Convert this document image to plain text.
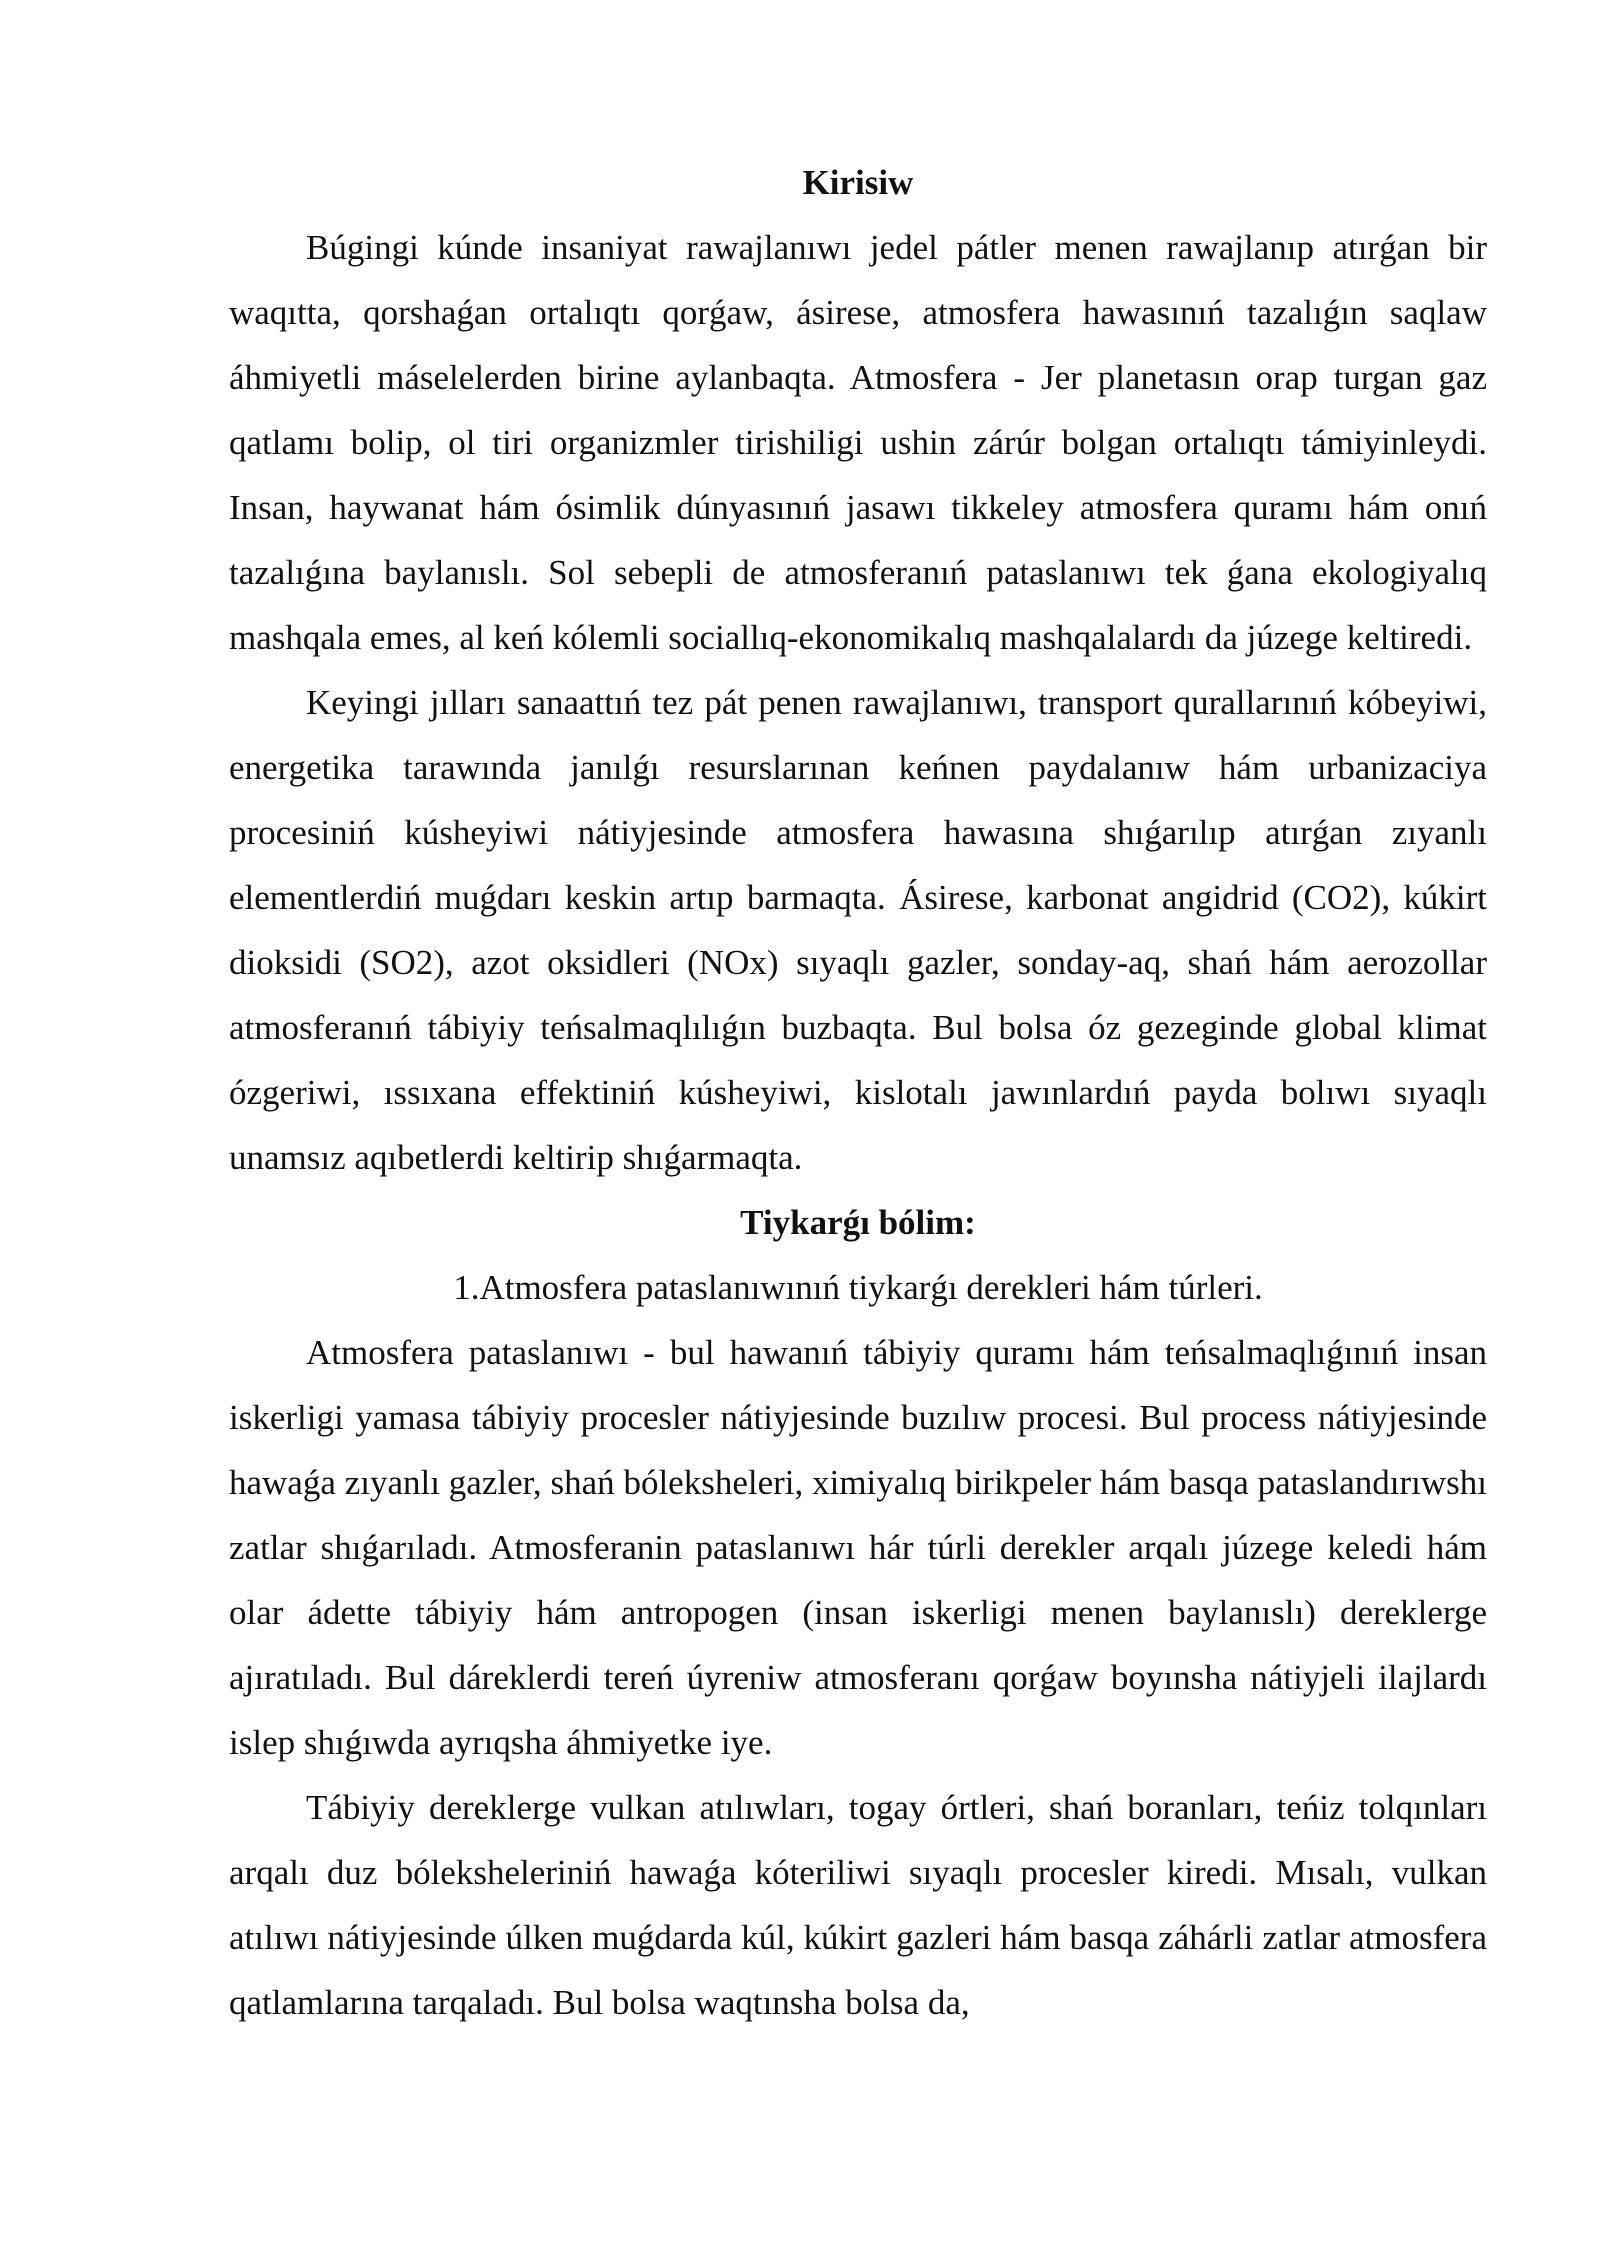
Kirisiw

Búgingi kúnde insaniyat rawajlanıwı jedel pátler menen rawajlanıp atırǵan bir waqıtta, qorshaǵan ortalıqtı qorǵaw, ásirese, atmosfera hawasınıń tazalıǵın saqlaw áhmiyetli máselelerden birine aylanbaqta. Atmosfera - Jer planetasın orap turgan gaz qatlamı bolip, ol tiri organizmler tirishiligi ushin zárúr bolgan ortalıqtı támiyinleydi. Insan, haywanat hám ósimlik dúnyasınıń jasawı tikkeley atmosfera quramı hám onıń tazalıǵına baylanıslı. Sol sebepli de atmosferanıń pataslanıwı tek ǵana ekologiyalıq mashqala emes, al keń kólemli sociallıq-ekonomikalıq mashqalalardı da júzege keltiredi.

Keyingi jılları sanaattıń tez pát penen rawajlanıwı, transport qurallarınıń kóbeyiwi, energetika tarawında janılǵı resurslarınan keńnen paydalanıw hám urbanizaciya procesiniń kúsheyiwi nátiyjesinde atmosfera hawasına shıǵarılıp atırǵan zıyanlı elementlerdiń muǵdarı keskin artıp barmaqta. Ásirese, karbonat angidrid (CO2), kúkirt dioksidi (SO2), azot oksidleri (NOx) sıyaqlı gazler, sonday-aq, shań hám aerozollar atmosferanıń tábiyiy teńsalmaqlılıǵın buzbaqta. Bul bolsa óz gezeginde global klimat ózgeriwi, ıssıxana effektiniń kúsheyiwi, kislotalı jawınlardıń payda bolıwı sıyaqlı unamsız aqıbetlerdi keltirip shıǵarmaqta.

Tiykarǵı bólim:

1.Atmosfera pataslanıwınıń tiykarǵı derekleri hám túrleri.

Atmosfera pataslanıwı - bul hawanıń tábiyiy quramı hám teńsalmaqlıǵınıń insan iskerligi yamasa tábiyiy procesler nátiyjesinde buzılıw procesi. Bul process nátiyjesinde hawaǵa zıyanlı gazler, shań bóleksheleri, ximiyalıq birikpeler hám basqa pataslandırıwshı zatlar shıǵarıladı. Atmosferanin pataslanıwı hár túrli derekler arqalı júzege keledi hám olar ádette tábiyiy hám antropogen (insan iskerligi menen baylanıslı) dereklerge ajıratıladı. Bul dáreklerdi tereń úyreniw atmosferanı qorǵaw boyınsha nátiyjeli ilajlardı islep shıǵıwda ayrıqsha áhmiyetke iye.

Tábiyiy dereklerge vulkan atılıwları, togay órtleri, shań boranları, teńiz tolqınları arqalı duz bóleksheleriniń hawaǵa kóteriliwi sıyaqlı procesler kiredi. Mısalı, vulkan atılıwı nátiyjesinde úlken muǵdarda kúl, kúkirt gazleri hám basqa záhárli zatlar atmosfera qatlamlarına tarqaladı. Bul bolsa waqtınsha bolsa da,
